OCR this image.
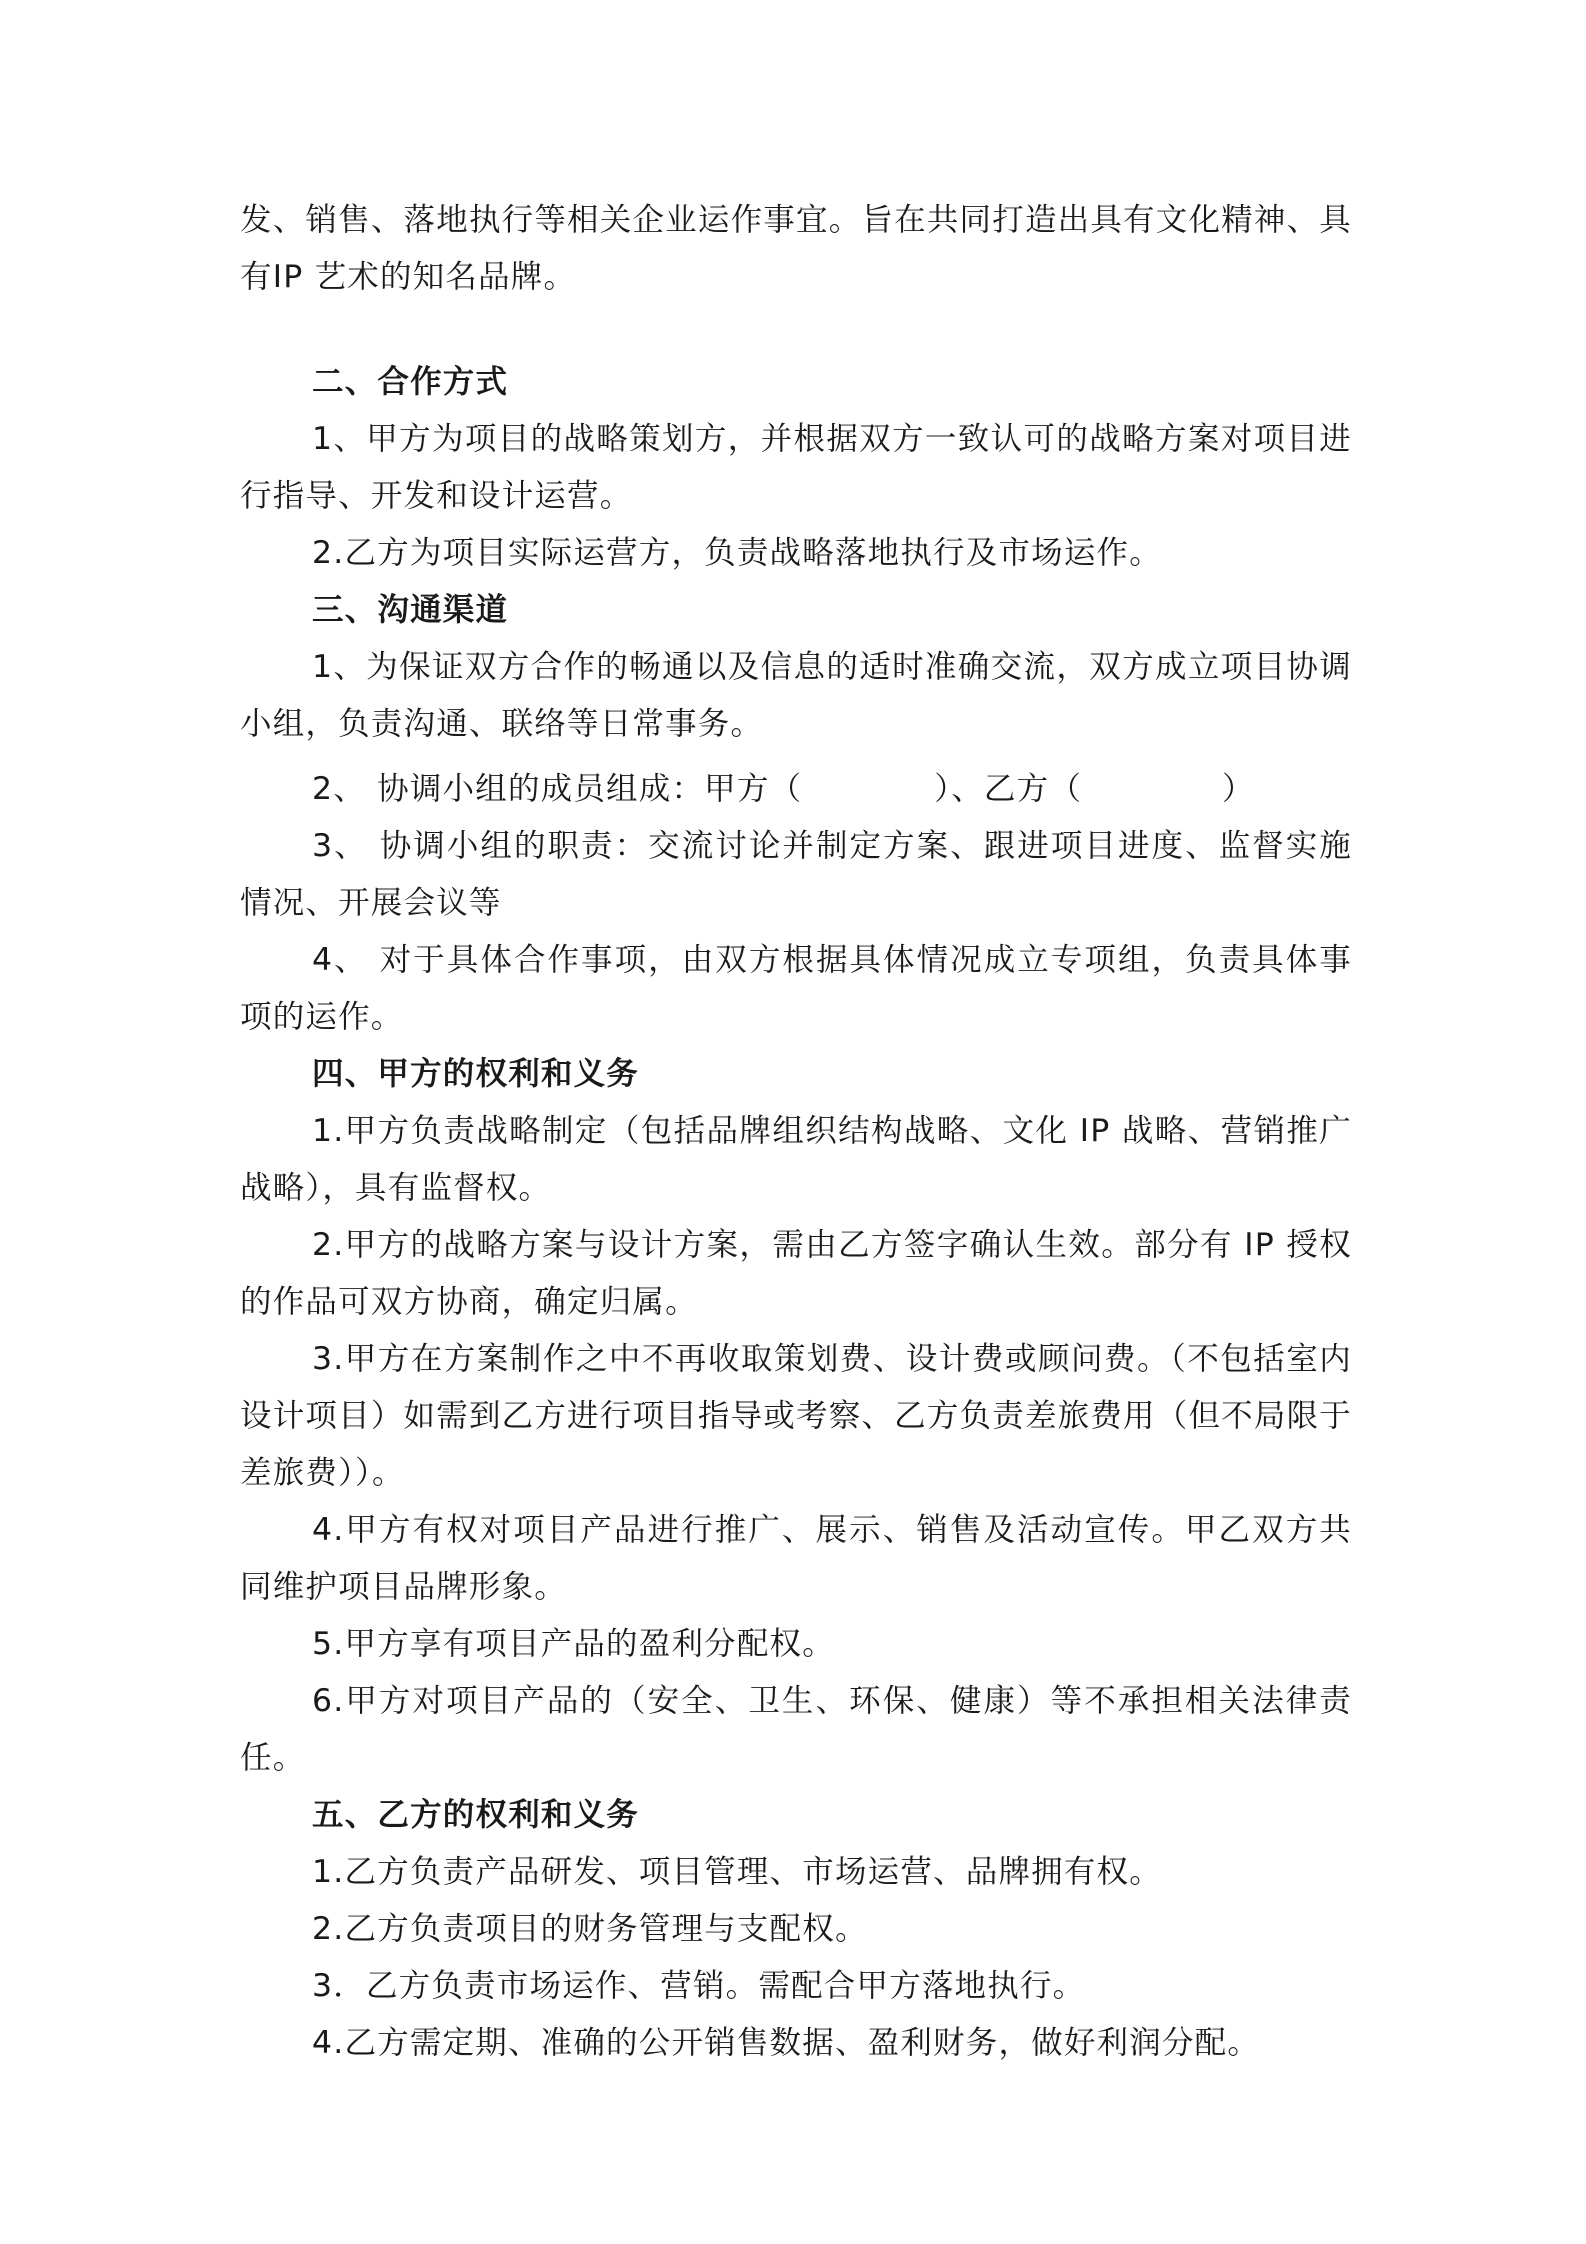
发、销售、落地执行等相关企业运作事宜。旨在共同打造出具有文化精神、具有IP 艺术的知名品牌。

二、合作方式

1、甲方为项目的战略策划方，并根据双方一致认可的战略方案对项目进行指导、开发和设计运营。

2.乙方为项目实际运营方，负责战略落地执行及市场运作。

三、沟通渠道

1、为保证双方合作的畅通以及信息的适时准确交流，双方成立项目协调小组，负责沟通、联络等日常事务。

2、 协调小组的成员组成：甲方（	）、乙方（	）

3、 协调小组的职责：交流讨论并制定方案、跟进项目进度、监督实施情况、开展会议等

4、 对于具体合作事项，由双方根据具体情况成立专项组，负责具体事项的运作。

四、甲方的权利和义务

1.甲方负责战略制定（包括品牌组织结构战略、文化 IP 战略、营销推广战略），具有监督权。

2.甲方的战略方案与设计方案，需由乙方签字确认生效。部分有 IP 授权的作品可双方协商，确定归属。

3.甲方在方案制作之中不再收取策划费、设计费或顾问费。（不包括室内设计项目）如需到乙方进行项目指导或考察、乙方负责差旅费用（但不局限于差旅费））。

4.甲方有权对项目产品进行推广、展示、销售及活动宣传。甲乙双方共同维护项目品牌形象。

5.甲方享有项目产品的盈利分配权。

6.甲方对项目产品的（安全、卫生、环保、健康）等不承担相关法律责任。

五、乙方的权利和义务

1.乙方负责产品研发、项目管理、市场运营、品牌拥有权。

2.乙方负责项目的财务管理与支配权。

3．乙方负责市场运作、营销。需配合甲方落地执行。

4.乙方需定期、准确的公开销售数据、盈利财务，做好利润分配。
